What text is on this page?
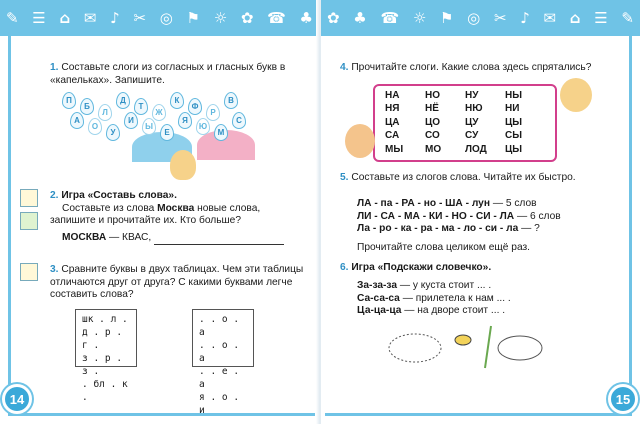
✎ ☰ ⌂ ✉ ♪ ✂ ◎ ⚑ ☼ ✿ ☎ ♣
14
1. Составьте слоги из согласных и гласных букв в «капельках». Запишите.
П
Б
Л
Д
Т
Ж
К
Ф
Р
В
А
О
У
И
Ы
Е
Я
Ю
М
С
2. Игра «Составь слова».
Составьте из слова Москва новые слова, запишите и прочитайте их. Кто больше?
МОСКВА — КВАС,
3. Сравните буквы в двух таблицах. Чем эти таблицы отличаются друг от друга? С какими буквами легче составить слова?
шк . л .
д . р . г .
з . р . з .
. бл . к .
. . о . а
. . о . а
. . е . а
я . о . и
✿ ♣ ☎ ☼ ⚑ ◎ ✂ ♪ ✉ ⌂ ☰ ✎
15
4. Прочитайте слоги. Какие слова здесь спрятались?
НА	НО	НУ	НЫ
НЯ	НЁ	НЮ	НИ
ЦА	ЦО	ЦУ	ЦЫ
СА	СО	СУ	СЫ
МЫ	МО	ЛОД	ЦЫ
5. Составьте из слогов слова. Читайте их быстро.
ЛА - па - РА - но - ША - лун — 5 слов
ЛИ - СА - МА - КИ - НО - СИ - ЛА — 6 слов
Ла - ро - ка - ра - ма - ло - си - ла — ?
Прочитайте слова целиком ещё раз.
6. Игра «Подскажи словечко».
За-за-за — у куста стоит ... .
Са-са-са — прилетела к нам ... .
Ца-ца-ца — на дворе стоит ... .
